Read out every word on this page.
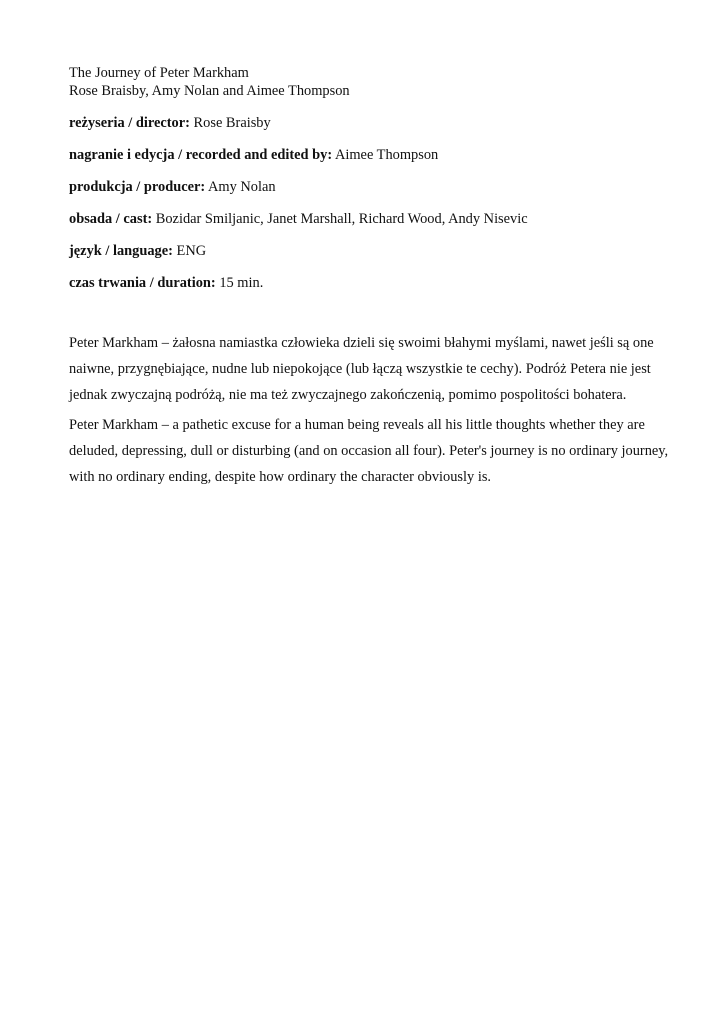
The Journey of Peter Markham
Rose Braisby, Amy Nolan and Aimee Thompson
reżyseria / director: Rose Braisby
nagranie i edycja / recorded and edited by: Aimee Thompson
produkcja / producer: Amy Nolan
obsada / cast: Bozidar Smiljanic, Janet Marshall, Richard Wood, Andy Nisevic
język / language: ENG
czas trwania / duration: 15 min.

Peter Markham – żałosna namiastka człowieka dzieli się swoimi błahymi myślami, nawet jeśli są one naiwne, przygnębiające, nudne lub niepokojące (lub łączą wszystkie te cechy). Podróż Petera nie jest jednak zwyczajną podróżą, nie ma też zwyczajnego zakończenią, pomimo pospolitości bohatera.

Peter Markham – a pathetic excuse for a human being reveals all his little thoughts whether they are deluded, depressing, dull or disturbing (and on occasion all four). Peter's journey is no ordinary journey, with no ordinary ending, despite how ordinary the character obviously is.
